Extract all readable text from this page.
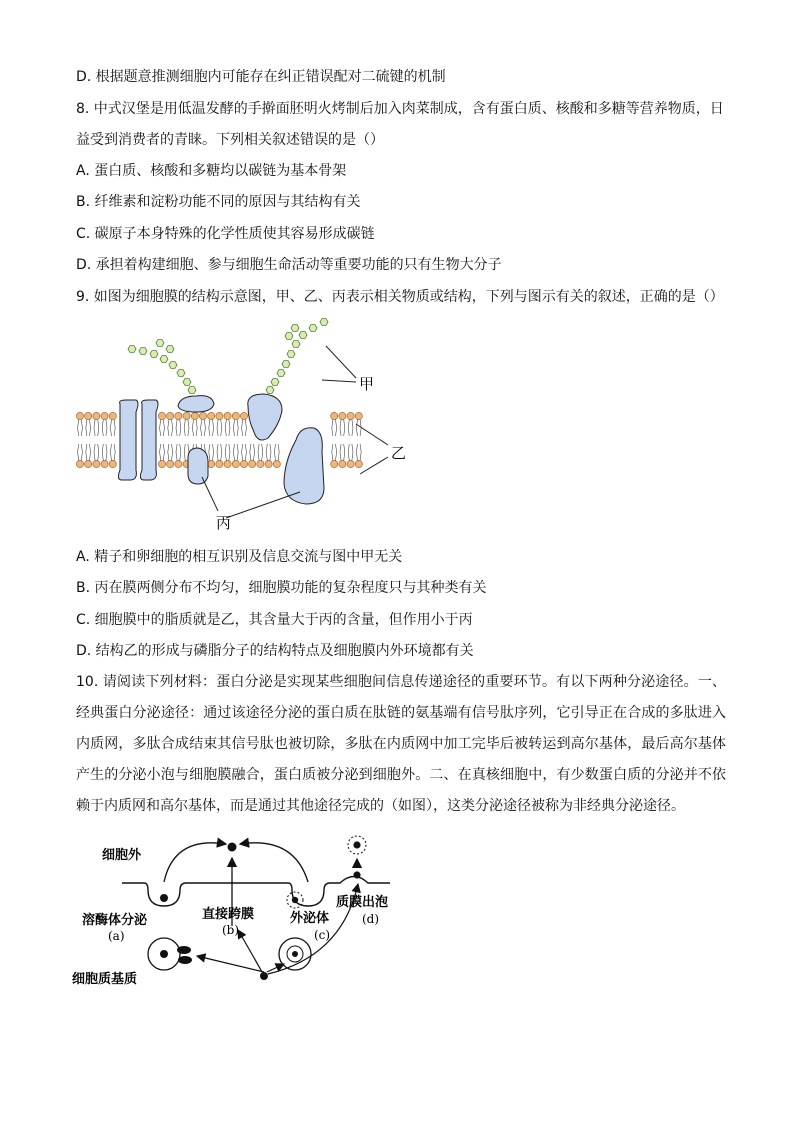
D. 根据题意推测细胞内可能存在纠正错误配对二硫键的机制
8. 中式汉堡是用低温发酵的手擀面胚明火烤制后加入肉菜制成，含有蛋白质、核酸和多糖等营养物质，日
益受到消费者的青睐。下列相关叙述错误的是（）
A. 蛋白质、核酸和多糖均以碳链为基本骨架
B. 纤维素和淀粉功能不同的原因与其结构有关
C. 碳原子本身特殊的化学性质使其容易形成碳链
D. 承担着构建细胞、参与细胞生命活动等重要功能的只有生物大分子
9. 如图为细胞膜的结构示意图，甲、乙、丙表示相关物质或结构，下列与图示有关的叙述，正确的是（）
甲
乙
丙
A. 精子和卵细胞的相互识别及信息交流与图中甲无关
B. 丙在膜两侧分布不均匀，细胞膜功能的复杂程度只与其种类有关
C. 细胞膜中的脂质就是乙，其含量大于丙的含量，但作用小于丙
D. 结构乙的形成与磷脂分子的结构特点及细胞膜内外环境都有关
10. 请阅读下列材料：蛋白分泌是实现某些细胞间信息传递途径的重要环节。有以下两种分泌途径。一、经典蛋白分泌途径：通过该途径分泌的蛋白质在肽链的氨基端有信号肽序列，它引导正在合成的多肽进入内质网，多肽合成结束其信号肽也被切除，多肽在内质网中加工完毕后被转运到高尔基体，最后高尔基体产生的分泌小泡与细胞膜融合，蛋白质被分泌到细胞外。二、在真核细胞中，有少数蛋白质的分泌并不依赖于内质网和高尔基体，而是通过其他途径完成的（如图），这类分泌途径被称为非经典分泌途径。
细胞外
溶酶体分泌
(a)
直接跨膜
(b)
外泌体
(c)
质膜出泡
(d)
细胞质基质
